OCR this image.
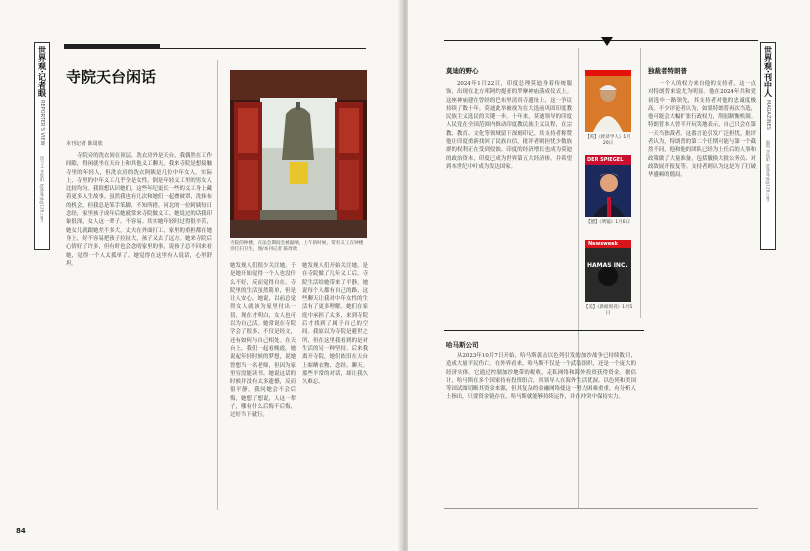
世界观·记者眼
REPORTER'S VIEW
图与文 李俊阳
bjdbdhjt@126.com
寺院天台闲话
本刊记者 陈周欣
寺院旁的洗衣间在顶层，洗衣房外是天台，我偶然在工作间隙，得闲就坐在天台上和其他义工聊天。我来寺院是想接触寺里的年轻人，但洗衣房的洗衣阿姨是几位中年女人。实际上，寺里的中年义工几乎全是女性，倒是年轻义工里的男女人比较均匀。我很想认识她们，这些年纪更长一些的义工身上藏着更多人生故事。虽然我也有几次和她们一起叠被罩、洗抹布的机会，但我总是笨手笨脚，不知所措。河北的一位阿姨每日念经，家里孩子成年后她就常来寺院做义工。她说过的话我印象很深，女人这一辈子，不容易。其实她年轻时过得很辛苦，她女儿就跟她差不多大，丈夫在外面打工，家里的重担都在她身上，好不容易把孩子拉扯大，孩子又去了远方。她来寺院后心情好了许多，但有时也会念叨家里的事，说孩子总不回来看她，觉得一个人太孤单了。她觉得在这里有人说话，心里舒坦。
寺院的钟楼，在法会期间会被敲响，上午的时候，常有义工在钟楼旁打扫卫生，图/本刊记者 陈周欣
她发现人们很少关注她，于是她开始觉得一个人也没什么不好，反而觉得自在。寺院里的生活虽然简单，但是让人安心。她说，以前总觉得女人就该为家里付出一切，现在才明白，女人也可以为自己活。她常说在寺院学会了很多，不仅是经文，还有如何与自己相处。在天台上，我们一起看晚霞，她说起年轻时候的梦想，说她曾想当一名老师，但因为家里穷没能读书。她说这话的时候并没有太多遗憾，反而很平静。我问她会不会后悔，她想了想说，人这一辈子，哪有什么后悔不后悔，过好当下就行。
她发现人们开始关注她，是在寺院做了几年义工后。寺院生活给她带来了平静，她说每个人都有自己的路。这些聊天让我对中年女性的生活有了更多理解。她们在家庭中承担了太多，来到寺院后才找到了属于自己的空间。我原以为寺院是避世之所，但在这里我看到的是对生活的另一种坚持。后来我离开寺院，她们依旧在天台上晾晒衣物、念经、聊天。那些平常的对话，却让我久久难忘。
84
世界观·刊中人
MAGAZINES
编辑 李俊阳
bjdbdhjt@126.com
莫迪的野心
2024年1月22日，印度总理莫迪身着传统服饰，出现在北方邦阿约提亚的罗摩神庙落成仪式上。这座神庙建在曾经的巴布里清真寺遗址上，这一争议持续了数十年。莫迪此举被视为在大选前巩固印度教民族主义选民的关键一步。十年来，莫迪领导的印度人民党在全国范围内推动印度教民族主义议程，在宗教、教育、文化等领域留下深刻印记。其支持者称赞他让印度重新找回了民族自信，批评者则担忧少数族群的权利正在受到侵蚀。印度的经济增长也成为莫迪的政治资本，印度已成为世界第五大经济体，并希望到本世纪中叶成为发达国家。
【英】《经济学人》1月20日
DER SPIEGEL
【德】《明镜》1月6日
Newsweek
HAMAS INC.
【美】《新闻周刊》1月5日
哈马斯公司
从2023年10月7日开始，哈马斯袭击以色列引发的加沙战争已持续数月，造成大量平民伤亡。在外界看来，哈马斯不仅是一个武装组织，还是一个庞大的经济实体。它通过控制加沙地带的税收、走私网络和海外投资获得资金。据估计，哈马斯在多个国家持有投资组合，其领导人在海外生活优渥。以色列和美国等国试图切断其资金来源，但其复杂的金融网络使这一努力困难重重。有分析人士指出，只要资金链存在，哈马斯就能够持续运作，并在冲突中保持实力。
独裁者特朗普
一个人的权力来自他的支持者，这一点对特朗普来说尤为明显。他在2024年共和党初选中一路领先，其支持者对他的忠诚度极高。不少评论者认为，如果特朗普再次当选，他可能会大幅扩张行政权力，削弱制衡机制。特朗普本人曾半开玩笑地表示，自己只会在第一天当独裁者。这番言论引发广泛担忧。批评者认为，特朗普的第二个任期可能与第一个截然不同，他和他的团队已经为上任后的人事和政策做了大量准备，包括撤换大批公务员、对政敌展开报复等。支持者则认为这是为了打破华盛顿的僵局。
